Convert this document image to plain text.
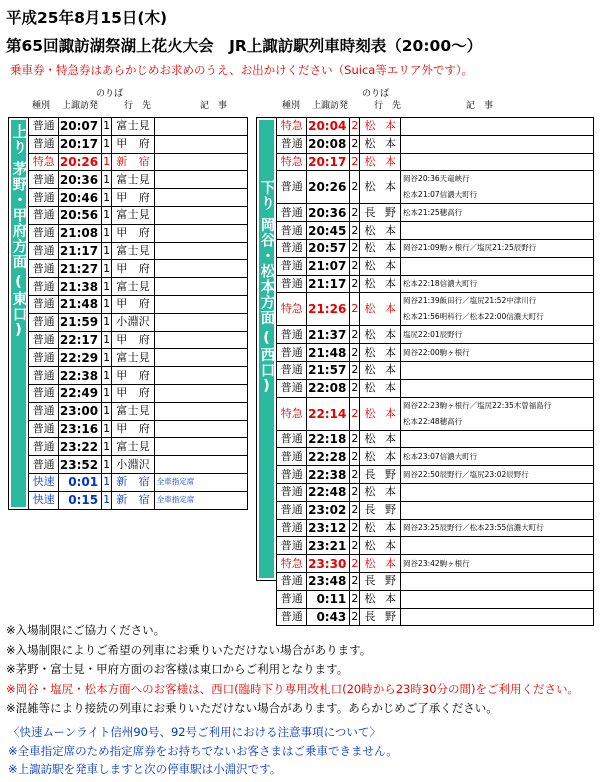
平成25年8月15日(木)
第65回諏訪湖祭湖上花火大会　JR上諏訪駅列車時刻表（20:00～）
乗車券・特急券はあらかじめお求めのうえ、お出かけください（Suica等エリア外です）。
のりば
種別 上諏訪発	行　先	記　事
のりば
種別 上諏訪発	行　先	記　事
上り
茅野・甲府方面
(東口)
普通	20:07	1	富士見	
普通	20:17	1	甲府	
特急	20:26	1	新宿	
普通	20:36	1	富士見	
普通	20:46	1	甲府	
普通	20:56	1	富士見	
普通	21:08	1	甲府	
普通	21:17	1	富士見	
普通	21:27	1	甲府	
普通	21:38	1	富士見	
普通	21:48	1	甲府	
普通	21:59	1	小淵沢	
普通	22:17	1	甲府	
普通	22:29	1	富士見	
普通	22:38	1	甲府	
普通	22:49	1	甲府	
普通	23:00	1	富士見	
普通	23:16	1	甲府	
普通	23:22	1	富士見	
普通	23:52	1	小淵沢	
快速	0:01	1	新宿	全車指定席
快速	0:15	1	新宿	全車指定席
下り
岡谷・松本方面
(西口)
特急	20:04	2	松本	
普通	20:08	2	松本	
特急	20:17	2	松本	
普通	20:26	2	松本	岡谷20:36天竜峡行
松本21:07信濃大町行
普通	20:36	2	長野	松本21:25穂高行
普通	20:45	2	松本	
普通	20:57	2	松本	岡谷21:09駒ヶ根行／塩尻21:25辰野行
普通	21:07	2	松本	
普通	21:17	2	松本	松本22:18信濃大町行
特急	21:26	2	松本	岡谷21:39飯田行／塩尻21:52中津川行
松本21:56明科行／松本22:00信濃大町行
普通	21:37	2	松本	塩尻22:01辰野行
普通	21:48	2	松本	岡谷22:00駒ヶ根行
普通	21:57	2	松本	
普通	22:08	2	松本	
特急	22:14	2	松本	岡谷22:23駒ヶ根行／塩尻22:35木曽福島行
松本22:48穂高行
普通	22:18	2	松本	
普通	22:28	2	松本	松本23:07信濃大町行
普通	22:38	2	長野	岡谷22:50辰野行／塩尻23:02辰野行
普通	22:48	2	松本	
普通	23:02	2	長野	
普通	23:12	2	松本	岡谷23:25辰野行／松本23:55信濃大町行
普通	23:21	2	松本	
特急	23:30	2	松本	岡谷23:42駒ヶ根行
普通	23:48	2	長野	
普通	0:11	2	松本	
普通	0:43	2	長野	
※入場制限にご協力ください。
※入場制限によりご希望の列車にお乗りいただけない場合があります。
※茅野・富士見・甲府方面のお客様は東口からご利用となります。
※岡谷・塩尻・松本方面へのお客様は、西口(臨時下り専用改札口(20時から23時30分の間)をご利用ください。
※混雑等により接続の列車にお乗りいただけない場合があります。あらかじめご了承ください。
〈快速ムーンライト信州90号、92号ご利用における注意事項について〉
※全車指定席のため指定席券をお持ちでないお客さまはご乗車できません。
※上諏訪駅を発車しますと次の停車駅は小淵沢です。
